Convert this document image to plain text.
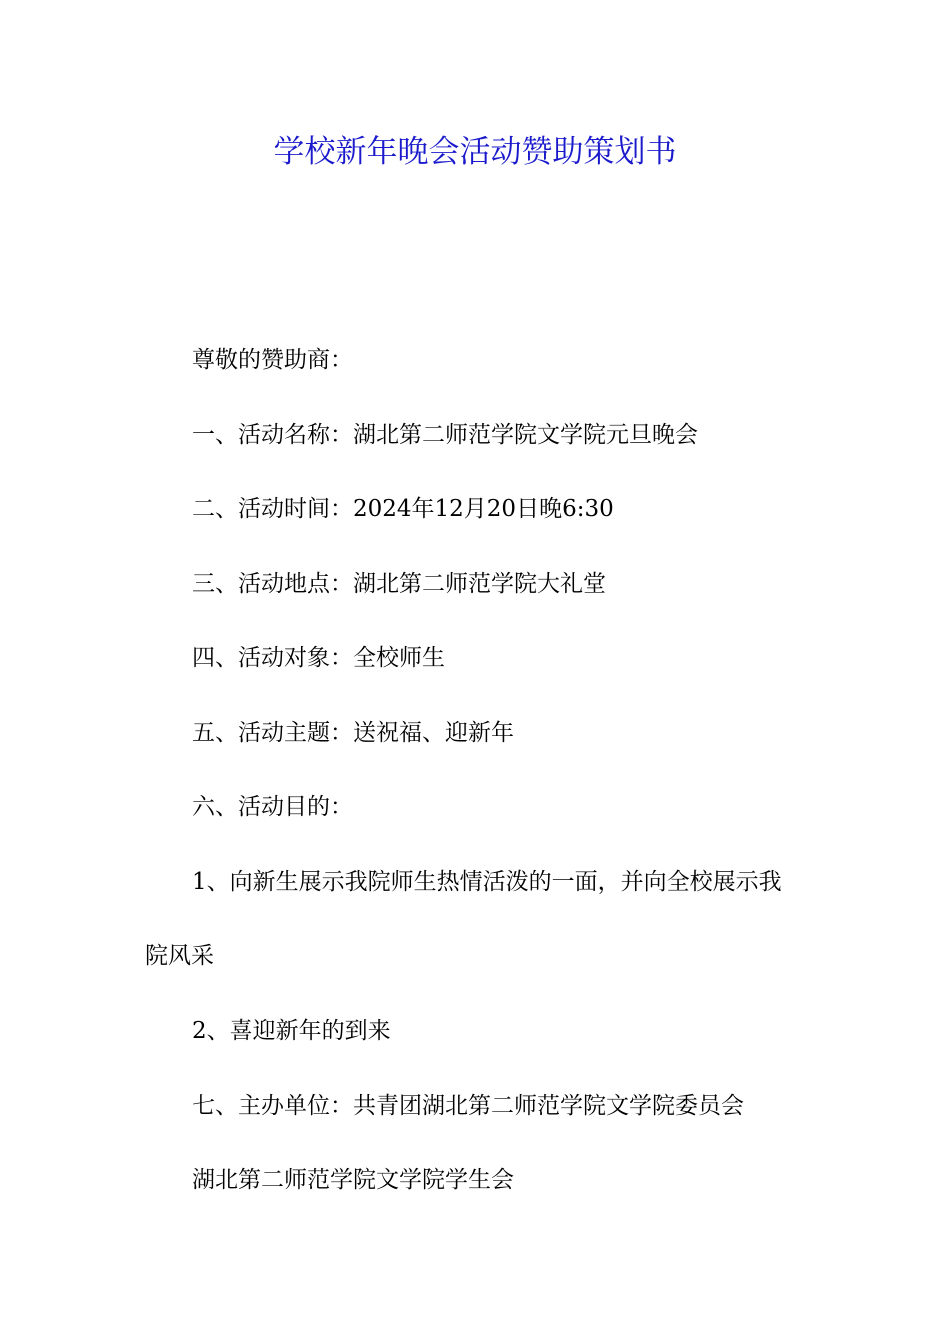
学校新年晚会活动赞助策划书

尊敬的赞助商：

一、活动名称：湖北第二师范学院文学院元旦晚会

二、活动时间：2024年12月20日晚6:30

三、活动地点：湖北第二师范学院大礼堂

四、活动对象：全校师生

五、活动主题：送祝福、迎新年

六、活动目的：

1、向新生展示我院师生热情活泼的一面，并向全校展示我

院风采

2、喜迎新年的到来

七、主办单位：共青团湖北第二师范学院文学院委员会

湖北第二师范学院文学院学生会
